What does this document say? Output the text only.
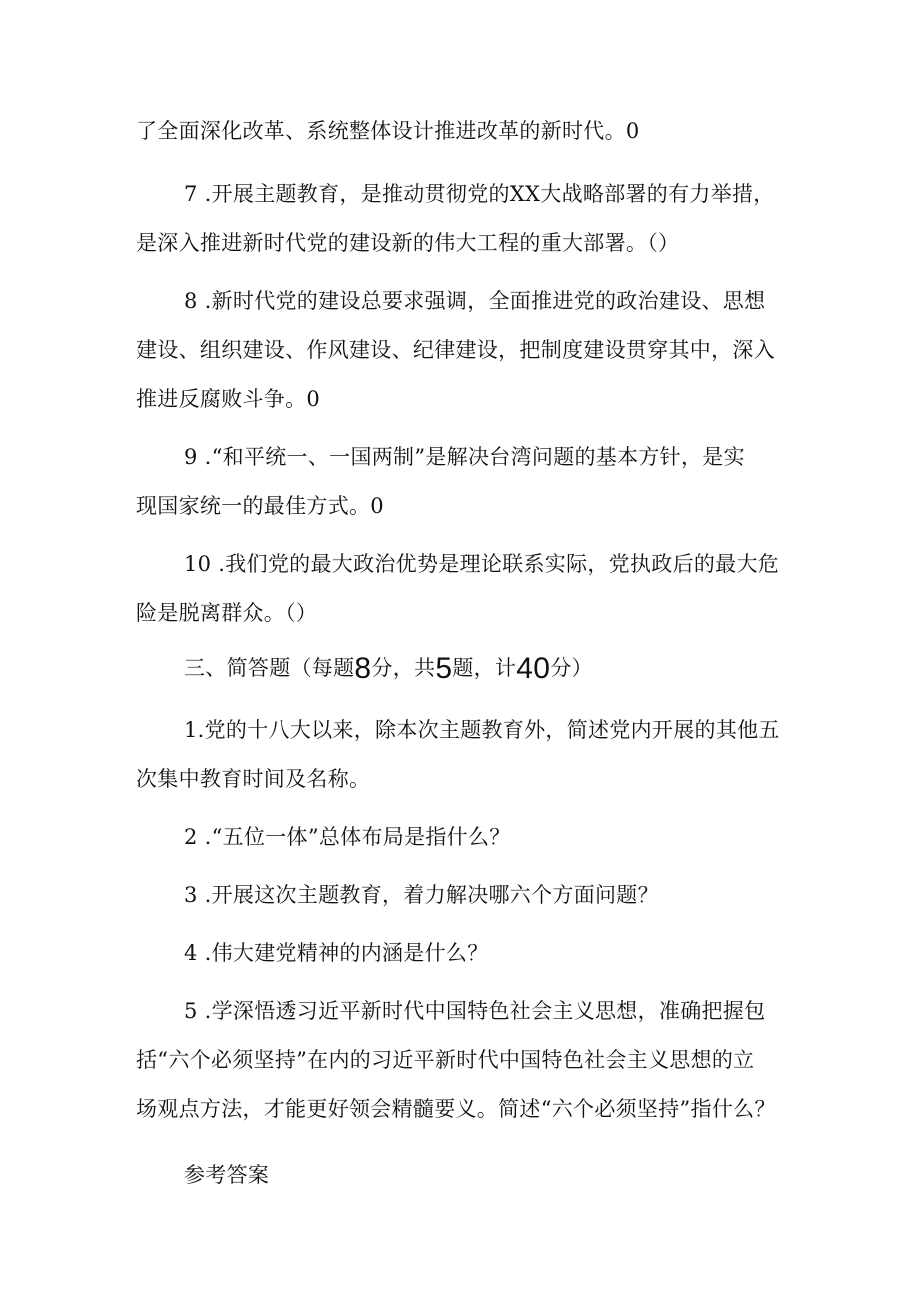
了全面深化改革、系统整体设计推进改革的新时代。0
7 .开展主题教育，是推动贯彻党的XX大战略部署的有力举措，
是深入推进新时代党的建设新的伟大工程的重大部署。（）
8 .新时代党的建设总要求强调，全面推进党的政治建设、思想
建设、组织建设、作风建设、纪律建设，把制度建设贯穿其中，深入
推进反腐败斗争。0
9 .“和平统一、一国两制”是解决台湾问题的基本方针，是实
现国家统一的最佳方式。0
10 .我们党的最大政治优势是理论联系实际，党执政后的最大危
险是脱离群众。（）
三、简答题（每题8分，共5题，计40分）
1.党的十八大以来，除本次主题教育外，简述党内开展的其他五
次集中教育时间及名称。
2 .“五位一体”总体布局是指什么？
3 .开展这次主题教育，着力解决哪六个方面问题？
4 .伟大建党精神的内涵是什么？
5 .学深悟透习近平新时代中国特色社会主义思想，准确把握包
括“六个必须坚持”在内的习近平新时代中国特色社会主义思想的立
场观点方法，才能更好领会精髓要义。简述“六个必须坚持”指什么？
参考答案
